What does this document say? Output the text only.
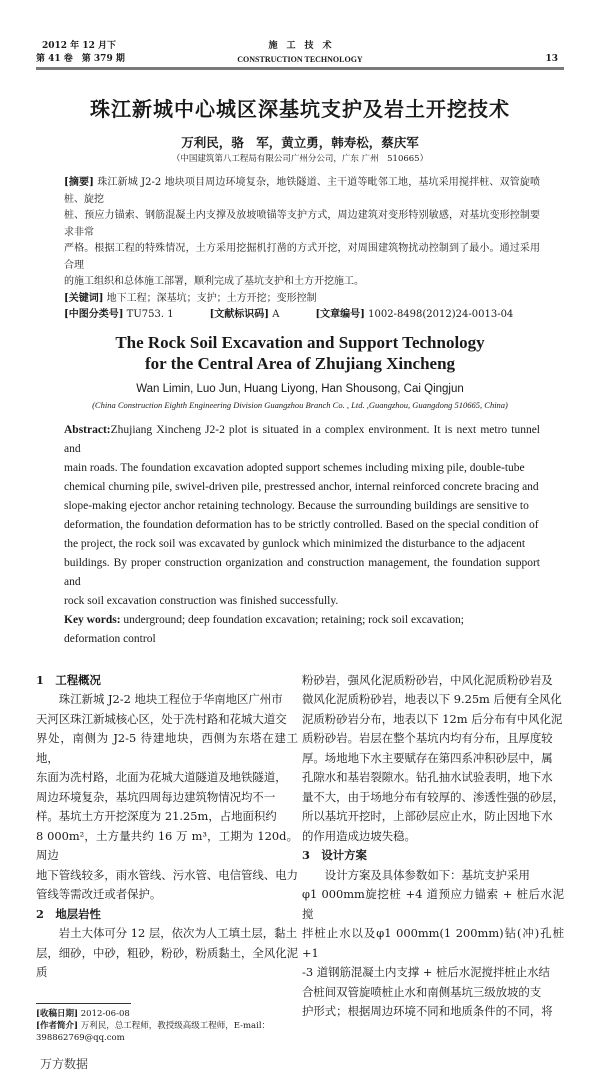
2012 年 12 月下
第 41 卷　第 379 期
施　工　技　术
CONSTRUCTION TECHNOLOGY	13
珠江新城中心城区深基坑支护及岩土开挖技术
万利民，骆　军，黄立勇，韩寿松，蔡庆军
（中国建筑第八工程局有限公司广州分公司，广东 广州　510665）
[摘要] 珠江新城 J2-2 地块项目周边环境复杂，地铁隧道、主干道等毗邻工地，基坑采用搅拌桩、双管旋喷桩、旋挖
桩、预应力锚索、钢筋混凝土内支撑及放坡喷锚等支护方式，周边建筑对变形特别敏感，对基坑变形控制要求非常
严格。根据工程的特殊情况，土方采用挖掘机打凿的方式开挖，对周围建筑物扰动控制到了最小。通过采用合理
的施工组织和总体施工部署，顺利完成了基坑支护和土方开挖施工。
[关键词] 地下工程；深基坑；支护；土方开挖；变形控制
[中图分类号] TU753. 1	[文献标识码] A	[文章编号] 1002-8498(2012)24-0013-04
The Rock Soil Excavation and Support Technology
for the Central Area of Zhujiang Xincheng
Wan Limin, Luo Jun, Huang Liyong, Han Shousong, Cai Qingjun
(China Construction Eighth Engineering Division Guangzhou Branch Co. , Ltd. ,Guangzhou, Guangdong 510665, China)
Abstract:Zhujiang Xincheng J2-2 plot is situated in a complex environment. It is next metro tunnel and
main roads. The foundation excavation adopted support schemes including mixing pile, double-tube
chemical churning pile, swivel-driven pile, prestressed anchor, internal reinforced concrete bracing and
slope-making ejector anchor retaining technology. Because the surrounding buildings are sensitive to
deformation, the foundation deformation has to be strictly controlled. Based on the special condition of
the project, the rock soil was excavated by gunlock which minimized the disturbance to the adjacent
buildings. By proper construction organization and construction management, the foundation support and
rock soil excavation construction was finished successfully.
Key words: underground; deep foundation excavation; retaining; rock soil excavation;
deformation control
1　工程概况
珠江新城 J2-2 地块工程位于华南地区广州市
天河区珠江新城核心区，处于冼村路和花城大道交
界处，南侧为 J2-5 待建地块，西侧为东塔在建工地，
东面为冼村路，北面为花城大道隧道及地铁隧道，
周边环境复杂，基坑四周每边建筑物情况均不一
样。基坑土方开挖深度为 21.25m，占地面积约
8 000m²，土方量共约 16 万 m³，工期为 120d。周边
地下管线较多，雨水管线、污水管、电信管线、电力
管线等需改迁或者保护。
2　地层岩性
岩土大体可分 12 层，依次为人工填土层，黏土
层，细砂，中砂，粗砂，粉砂，粉质黏土，全风化泥质
[收稿日期] 2012-06-08
[作者简介] 万利民，总工程师，教授级高级工程师，E-mail：
398862769@qq.com
万方数据
粉砂岩，强风化泥质粉砂岩，中风化泥质粉砂岩及
微风化泥质粉砂岩，地表以下 9.25m 后便有全风化
泥质粉砂岩分布，地表以下 12m 后分布有中风化泥
质粉砂岩。岩层在整个基坑内均有分布，且厚度较
厚。场地地下水主要赋存在第四系冲积砂层中，属
孔隙水和基岩裂隙水。钻孔抽水试验表明，地下水
量不大，由于场地分布有较厚的、渗透性强的砂层，
所以基坑开挖时，上部砂层应止水，防止因地下水
的作用造成边坡失稳。
3　设计方案
设计方案及具体参数如下：基坑支护采用
φ1 000mm旋挖桩 +4 道预应力锚索 + 桩后水泥搅
拌桩止水以及φ1 000mm(1 200mm)钻(冲)孔桩 +1
-3 道钢筋混凝土内支撑 + 桩后水泥搅拌桩止水结
合桩间双管旋喷桩止水和南侧基坑三级放坡的支
护形式；根据周边环境不同和地质条件的不同，将
